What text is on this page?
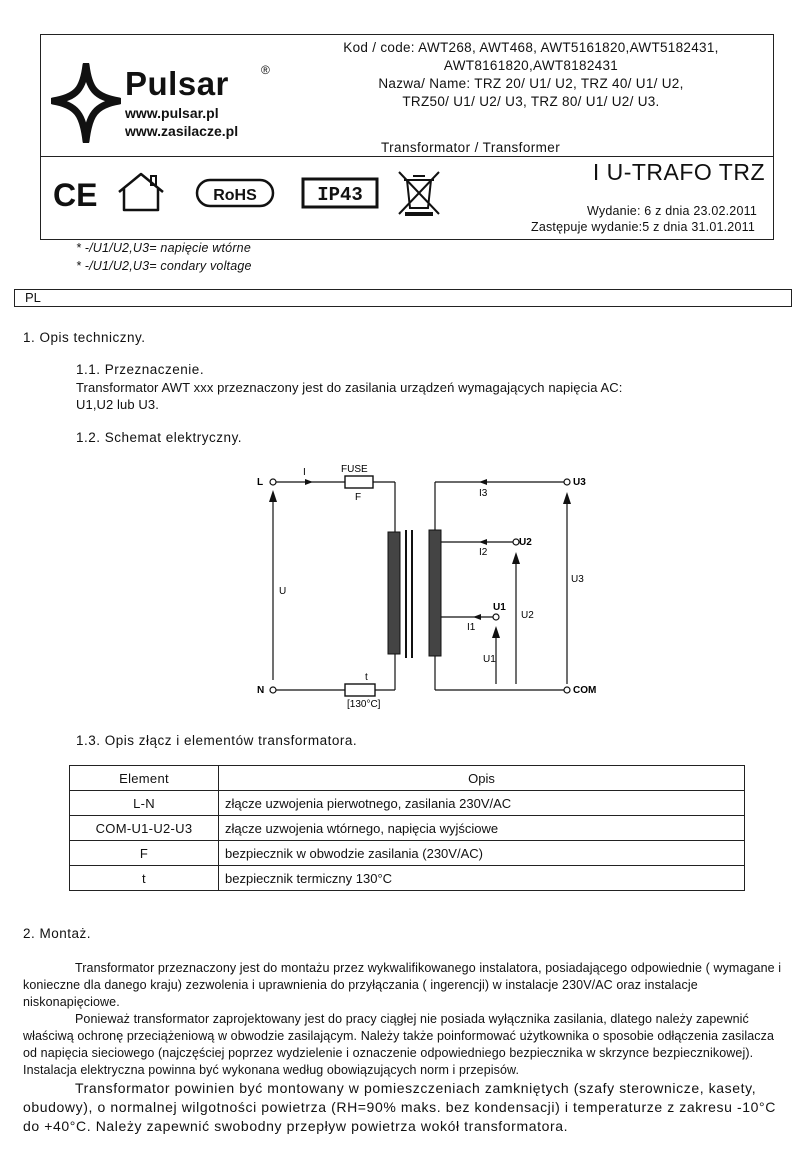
Pulsar	®
www.pulsar.pl
www.zasilacze.pl
Kod / code: AWT268, AWT468, AWT5161820,AWT5182431,
AWT8161820,AWT8182431
Nazwa/ Name: TRZ 20/ U1/ U2, TRZ 40/ U1/ U2,
TRZ50/ U1/ U2/ U3, TRZ 80/ U1/ U2/ U3.
Transformator / Transformer
CE	RoHS	IP43
I U-TRAFO TRZ
Wydanie: 6 z dnia 23.02.2011
Zastępuje wydanie:5 z dnia 31.01.2011
* -/U1/U2,U3= napięcie wtórne
* -/U1/U2,U3= condary voltage
PL
1. Opis techniczny.
1.1. Przeznaczenie.
Transformator AWT xxx przeznaczony jest do zasilania urządzeń wymagających napięcia AC:
U1,U2 lub U3.
1.2. Schemat elektryczny.
L
I	FUSE
F
N
t
[130°C]
U
I3
U3
I2
U2
I1
U1
COM
U3
U2
U1
1.3. Opis złącz i elementów transformatora.
Element	Opis
L-N	złącze uzwojenia pierwotnego, zasilania 230V/AC
COM-U1-U2-U3	złącze uzwojenia wtórnego, napięcia wyjściowe
F	bezpiecznik w obwodzie zasilania (230V/AC)
t	bezpiecznik termiczny 130°C
2. Montaż.

Transformator przeznaczony jest do montażu przez wykwalifikowanego instalatora, posiadającego odpowiednie ( wymagane i konieczne dla danego kraju) zezwolenia i uprawnienia do przyłączania ( ingerencji) w instalacje 230V/AC oraz instalacje niskonapięciowe.

Ponieważ transformator zaprojektowany jest do pracy ciągłej nie posiada wyłącznika zasilania, dlatego należy zapewnić właściwą ochronę przeciążeniową w obwodzie zasilającym. Należy także poinformować użytkownika o sposobie odłączenia zasilacza od napięcia sieciowego (najczęściej poprzez wydzielenie i oznaczenie odpowiedniego bezpiecznika w skrzynce bezpiecznikowej). Instalacja elektryczna powinna być wykonana według obowiązujących norm i przepisów.

Transformator powinien być montowany w pomieszczeniach zamkniętych (szafy sterownicze, kasety, obudowy), o normalnej wilgotności powietrza (RH=90% maks. bez kondensacji) i temperaturze z zakresu -10°C do +40°C. Należy zapewnić swobodny przepływ powietrza wokół transformatora.
